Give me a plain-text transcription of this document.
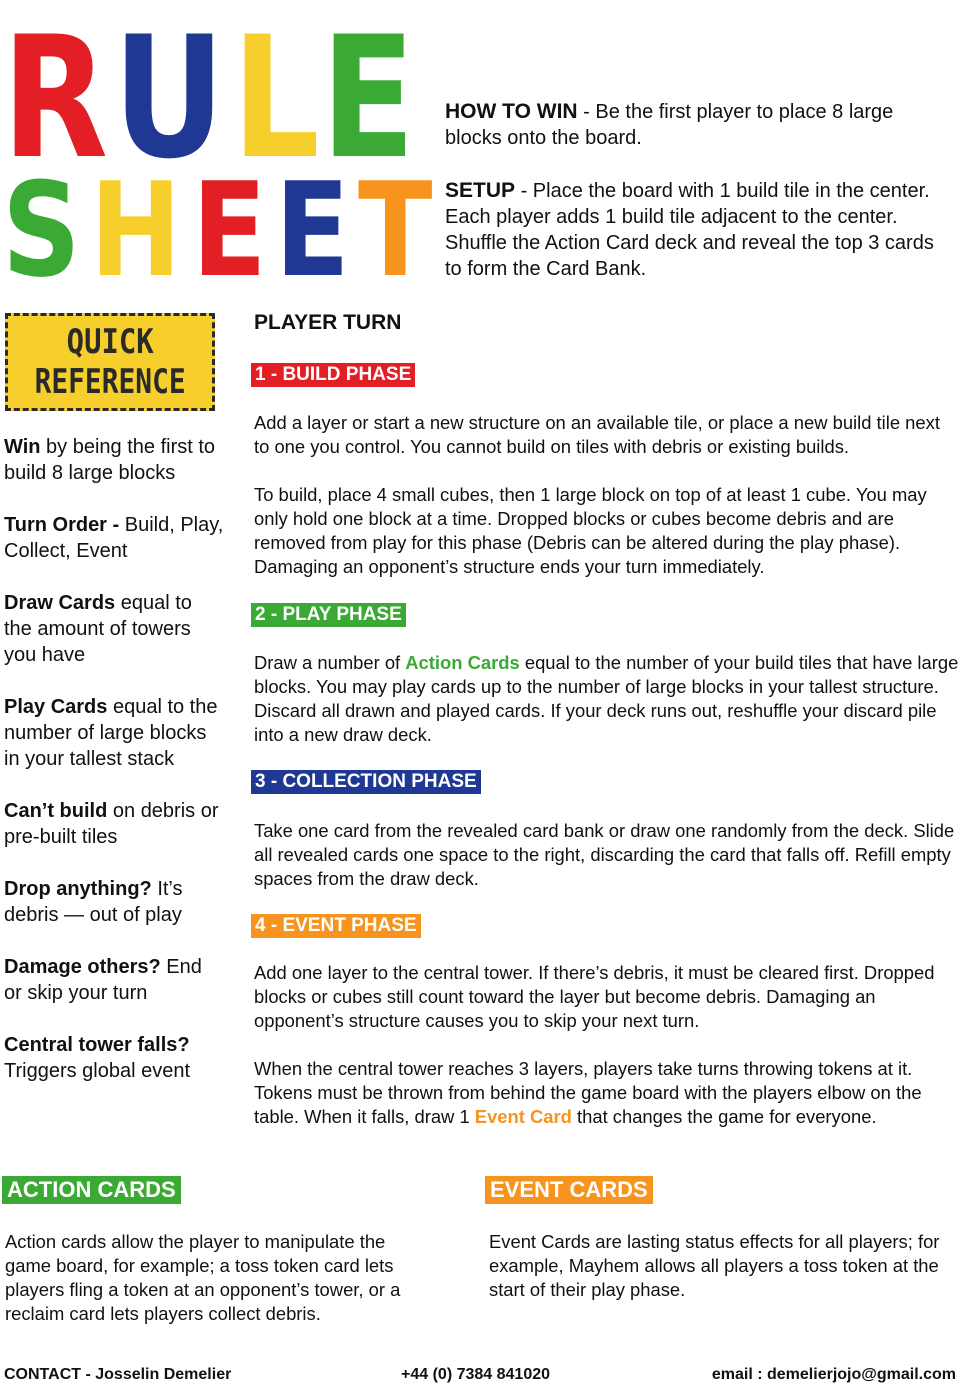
R U L E
S H E E T

HOW TO WIN - Be the first player to place 8 large blocks onto the board.

SETUP - Place the board with 1 build tile in the center. Each player adds 1 build tile adjacent to the center. Shuffle the Action Card deck and reveal the top 3 cards to form the Card Bank.

QUICK
REFERENCE
Win by being the first to build 8 large blocks
Turn Order - Build, Play, Collect, Event
Draw Cards equal to the amount of towers you have
Play Cards equal to the number of large blocks in your tallest stack
Can’t build on debris or pre-built tiles
Drop anything? It’s debris — out of play
Damage others? End or skip your turn
Central tower falls? Triggers global event
PLAYER TURN
1 - BUILD PHASE
Add a layer or start a new structure on an available tile, or place a new build tile next to one you control. You cannot build on tiles with debris or existing builds.
To build, place 4 small cubes, then 1 large block on top of at least 1 cube. You may only hold one block at a time. Dropped blocks or cubes become debris and are removed from play for this phase (Debris can be altered during the play phase). Damaging an opponent’s structure ends your turn immediately.
2 - PLAY PHASE
Draw a number of Action Cards equal to the number of your build tiles that have large blocks. You may play cards up to the number of large blocks in your tallest structure. Discard all drawn and played cards. If your deck runs out, reshuffle your discard pile into a new draw deck.
3 - COLLECTION PHASE
Take one card from the revealed card bank or draw one randomly from the deck. Slide all revealed cards one space to the right, discarding the card that falls off. Refill empty spaces from the draw deck.
4 - EVENT PHASE
Add one layer to the central tower. If there’s debris, it must be cleared first. Dropped blocks or cubes still count toward the layer but become debris. Damaging an opponent’s structure causes you to skip your next turn.
When the central tower reaches 3 layers, players take turns throwing tokens at it. Tokens must be thrown from behind the game board with the players elbow on the table. When it falls, draw 1 Event Card that changes the game for everyone.
ACTION CARDS
Action cards allow the player to manipulate the game board, for example; a toss token card lets players fling a token at an opponent’s tower, or a reclaim card lets players collect debris.
EVENT CARDS
Event Cards are lasting status effects for all players; for example, Mayhem allows all players a toss token at the start of their play phase.
CONTACT - Josselin Demelier	+44 (0) 7384 841020	email : demelierjojo@gmail.com
